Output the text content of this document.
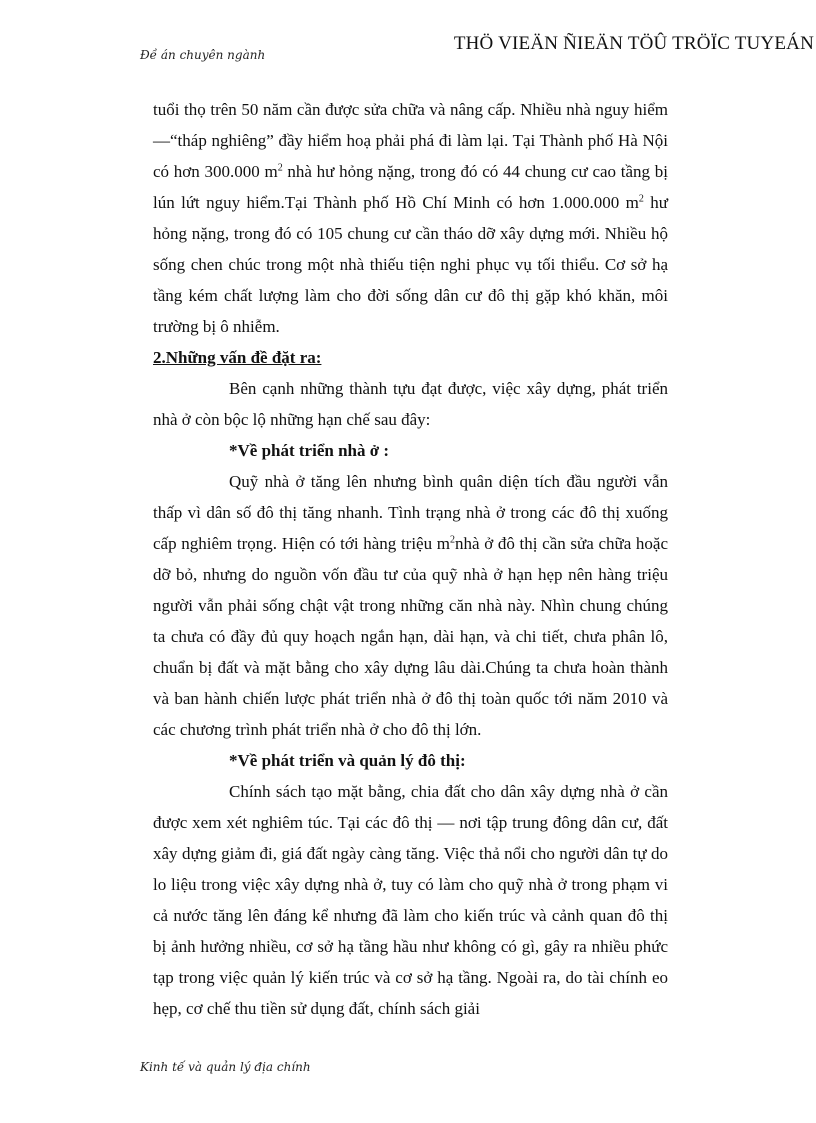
Đề án chuyên ngành
THÖ VIEÄN ÑIEÄN TÖÛ TRÖÏC TUYEÁN

tuổi thọ trên 50 năm cần được sửa chữa và nâng cấp. Nhiều nhà nguy hiểm —“tháp nghiêng” đầy hiểm hoạ phải phá đi làm lại. Tại Thành phố Hà Nội có hơn 300.000 $m^2$ nhà hư hỏng nặng, trong đó có 44 chung cư cao tầng bị lún lứt nguy hiểm.Tại Thành phố Hồ Chí Minh có hơn 1.000.000 $m^2$ hư hỏng nặng, trong đó có 105 chung cư cần tháo dỡ xây dựng mới. Nhiều hộ sống chen chúc trong một nhà thiếu tiện nghi phục vụ tối thiểu. Cơ sở hạ tầng kém chất lượng làm cho đời sống dân cư đô thị gặp khó khăn, môi trường bị ô nhiễm.

2.Những vấn đề đặt ra:

Bên cạnh những thành tựu đạt được, việc xây dựng, phát triển nhà ở còn bộc lộ những hạn chế sau đây:

*Về phát triển nhà ở :

Quỹ nhà ở tăng lên nhưng bình quân diện tích đầu người vẫn thấp vì dân số đô thị tăng nhanh. Tình trạng nhà ở trong các đô thị xuống cấp nghiêm trọng. Hiện có tới hàng triệu $m^2nhà$ ở đô thị cần sửa chữa hoặc dỡ bỏ, nhưng do nguồn vốn đầu tư của quỹ nhà ở hạn hẹp nên hàng triệu người vẫn phải sống chật vật trong những căn nhà này. Nhìn chung chúng ta chưa có đầy đủ quy hoạch ngắn hạn, dài hạn, và chi tiết, chưa phân lô, chuẩn bị đất và mặt bằng cho xây dựng lâu dài.Chúng ta chưa hoàn thành và ban hành chiến lược phát triển nhà ở đô thị toàn quốc tới năm 2010 và các chương trình phát triển nhà ở cho đô thị lớn.

*Về phát triển và quản lý đô thị:

Chính sách tạo mặt bằng, chia đất cho dân xây dựng nhà ở cần được xem xét nghiêm túc. Tại các đô thị — nơi tập trung đông dân cư, đất xây dựng giảm đi, giá đất ngày càng tăng. Việc thả nổi cho người dân tự do lo liệu trong việc xây dựng nhà ở, tuy có làm cho quỹ nhà ở trong phạm vi cả nước tăng lên đáng kể nhưng đã làm cho kiến trúc và cảnh quan đô thị bị ảnh hưởng nhiều, cơ sở hạ tầng hầu như không có gì, gây ra nhiều phức tạp trong việc quản lý kiến trúc và cơ sở hạ tầng. Ngoài ra, do tài chính eo hẹp, cơ chế thu tiền sử dụng đất, chính sách giải

Kinh tế và quản lý địa chính
